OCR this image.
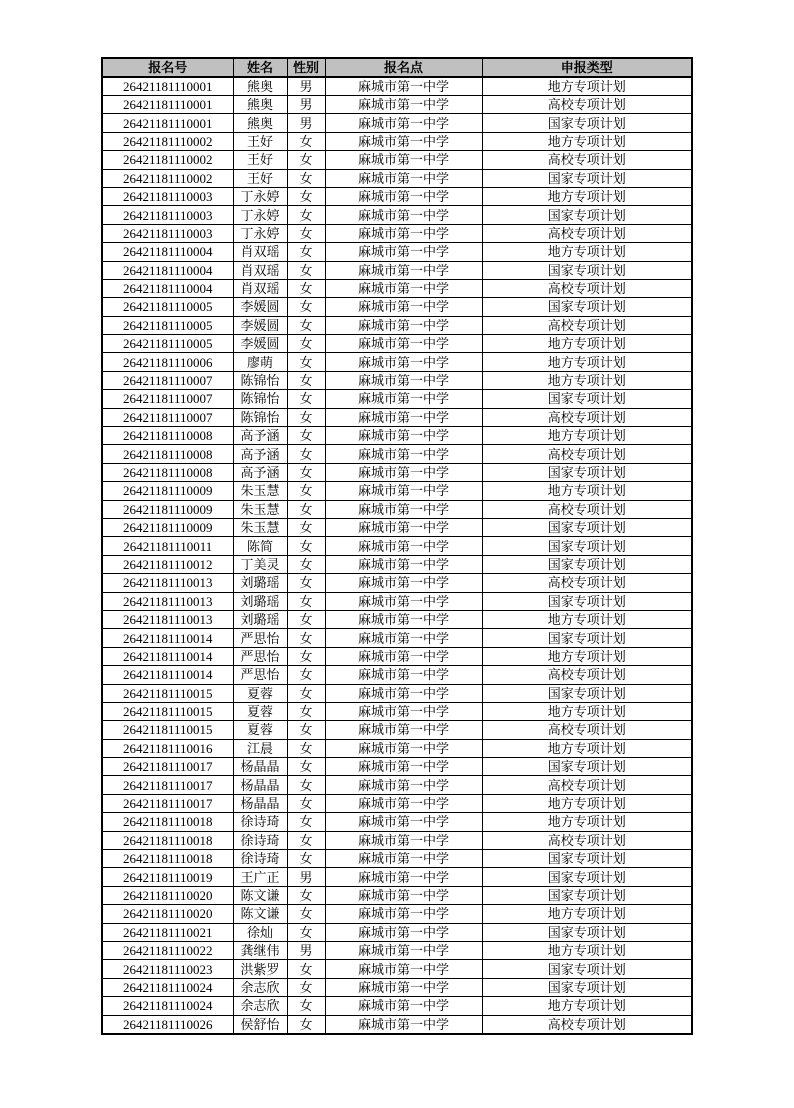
报名号	姓名	性别	报名点	申报类型
26421181110001	熊奥	男	麻城市第一中学	地方专项计划
26421181110001	熊奥	男	麻城市第一中学	高校专项计划
26421181110001	熊奥	男	麻城市第一中学	国家专项计划
26421181110002	王好	女	麻城市第一中学	地方专项计划
26421181110002	王好	女	麻城市第一中学	高校专项计划
26421181110002	王好	女	麻城市第一中学	国家专项计划
26421181110003	丁永婷	女	麻城市第一中学	地方专项计划
26421181110003	丁永婷	女	麻城市第一中学	国家专项计划
26421181110003	丁永婷	女	麻城市第一中学	高校专项计划
26421181110004	肖双瑶	女	麻城市第一中学	地方专项计划
26421181110004	肖双瑶	女	麻城市第一中学	国家专项计划
26421181110004	肖双瑶	女	麻城市第一中学	高校专项计划
26421181110005	李媛圆	女	麻城市第一中学	国家专项计划
26421181110005	李媛圆	女	麻城市第一中学	高校专项计划
26421181110005	李媛圆	女	麻城市第一中学	地方专项计划
26421181110006	廖萌	女	麻城市第一中学	地方专项计划
26421181110007	陈锦怡	女	麻城市第一中学	地方专项计划
26421181110007	陈锦怡	女	麻城市第一中学	国家专项计划
26421181110007	陈锦怡	女	麻城市第一中学	高校专项计划
26421181110008	高予涵	女	麻城市第一中学	地方专项计划
26421181110008	高予涵	女	麻城市第一中学	高校专项计划
26421181110008	高予涵	女	麻城市第一中学	国家专项计划
26421181110009	朱玉慧	女	麻城市第一中学	地方专项计划
26421181110009	朱玉慧	女	麻城市第一中学	高校专项计划
26421181110009	朱玉慧	女	麻城市第一中学	国家专项计划
26421181110011	陈简	女	麻城市第一中学	国家专项计划
26421181110012	丁美灵	女	麻城市第一中学	国家专项计划
26421181110013	刘璐瑶	女	麻城市第一中学	高校专项计划
26421181110013	刘璐瑶	女	麻城市第一中学	国家专项计划
26421181110013	刘璐瑶	女	麻城市第一中学	地方专项计划
26421181110014	严思怡	女	麻城市第一中学	国家专项计划
26421181110014	严思怡	女	麻城市第一中学	地方专项计划
26421181110014	严思怡	女	麻城市第一中学	高校专项计划
26421181110015	夏蓉	女	麻城市第一中学	国家专项计划
26421181110015	夏蓉	女	麻城市第一中学	地方专项计划
26421181110015	夏蓉	女	麻城市第一中学	高校专项计划
26421181110016	江晨	女	麻城市第一中学	地方专项计划
26421181110017	杨晶晶	女	麻城市第一中学	国家专项计划
26421181110017	杨晶晶	女	麻城市第一中学	高校专项计划
26421181110017	杨晶晶	女	麻城市第一中学	地方专项计划
26421181110018	徐诗琦	女	麻城市第一中学	地方专项计划
26421181110018	徐诗琦	女	麻城市第一中学	高校专项计划
26421181110018	徐诗琦	女	麻城市第一中学	国家专项计划
26421181110019	王广正	男	麻城市第一中学	国家专项计划
26421181110020	陈文谦	女	麻城市第一中学	国家专项计划
26421181110020	陈文谦	女	麻城市第一中学	地方专项计划
26421181110021	徐灿	女	麻城市第一中学	国家专项计划
26421181110022	龚继伟	男	麻城市第一中学	地方专项计划
26421181110023	洪紫罗	女	麻城市第一中学	国家专项计划
26421181110024	余志欣	女	麻城市第一中学	国家专项计划
26421181110024	余志欣	女	麻城市第一中学	地方专项计划
26421181110026	侯舒怡	女	麻城市第一中学	高校专项计划
